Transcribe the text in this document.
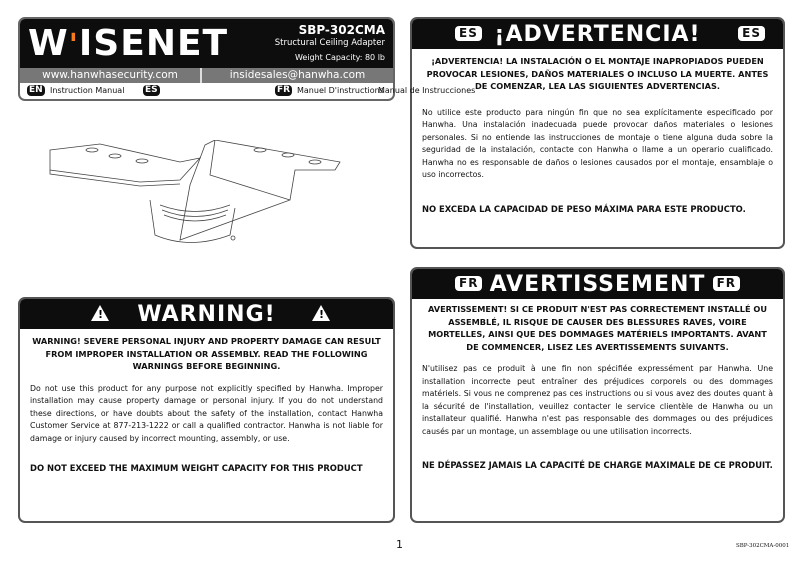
W'ISENET	SBP-302CMA
Structural Ceiling Adapter
Weight Capacity: 80 lb
www.hanwhasecurity.com	insidesales@hanwha.com
EN Instruction Manual ES	FR Manuel D'instructions
ES ¡ADVERTENCIA!	ES
¡ADVERTENCIA! LA INSTALACIÓN O EL MONTAJE INAPROPIADOS PUEDEN PROVOCAR LESIONES, DAÑOS MATERIALES O INCLUSO LA MUERTE. ANTES DE COMENZAR, LEA LAS SIGUIENTES ADVERTENCIAS.
No utilice este producto para ningún fin que no sea explícitamente especificado por Hanwha. Una instalación inadecuada puede provocar daños materiales o lesiones personales. Si no entiende las instrucciones de montaje o tiene alguna duda sobre la seguridad de la instalación, contacte con Hanwha o llame a un operario cualificado. Hanwha no es responsable de daños o lesiones causados por el montaje, ensamblaje o uso incorrectos.
NO EXCEDA LA CAPACIDAD DE PESO MÁXIMA PARA ESTE PRODUCTO.
Manual de Instrucciones
FR AVERTISSEMENT FR
AVERTISSEMENT! SI CE PRODUIT N'EST PAS CORRECTEMENT INSTALLÉ OU ASSEMBLÉ, IL RISQUE DE CAUSER DES BLESSURES RAVES, VOIRE MORTELLES, AINSI QUE DES DOMMAGES MATÉRIELS IMPORTANTS. AVANT DE COMMENCER, LISEZ LES AVERTISSEMENTS SUIVANTS.
N'utilisez pas ce produit à une fin non spécifiée expressément par Hanwha. Une installation incorrecte peut entraîner des préjudices corporels ou des dommages matériels. Si vous ne comprenez pas ces instructions ou si vous avez des doutes quant à la sécurité de l'installation, veuillez contacter le service clientèle de Hanwha ou un installateur qualifié. Hanwha n'est pas responsable des dommages ou des préjudices causés par un montage, un assemblage ou une utilisation incorrects.
NE DÉPASSEZ JAMAIS LA CAPACITÉ DE CHARGE MAXIMALE DE CE PRODUIT.
! WARNING!	!
WARNING! SEVERE PERSONAL INJURY AND PROPERTY DAMAGE CAN RESULT FROM IMPROPER INSTALLATION OR ASSEMBLY. READ THE FOLLOWING WARNINGS BEFORE BEGINNING.
Do not use this product for any purpose not explicitly specified by Hanwha. Improper installation may cause property damage or personal injury. If you do not understand these directions, or have doubts about the safety of the installation, contact Hanwha Customer Service at 877-213-1222 or call a qualified contractor. Hanwha is not liable for damage or injury caused by incorrect mounting, assembly, or use.
DO NOT EXCEED THE MAXIMUM WEIGHT CAPACITY FOR THIS PRODUCT
1	SBP-302CMA-0001
